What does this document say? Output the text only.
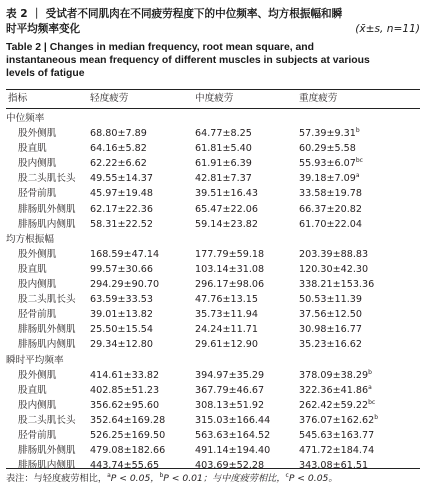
表 2 ｜ 受试者不同肌肉在不同疲劳程度下的中位频率、均方根振幅和瞬
时平均频率变化	(x̄±s, n=11)
Table 2 | Changes in median frequency, root mean square, and
instantaneous mean frequency of different muscles in subjects at various
levels of fatigue
指标	轻度疲劳	中度疲劳	重度疲劳
中位频率
股外侧肌	68.80±7.89	64.77±8.25	57.39±9.31$^b$
股直肌	64.16±5.82	61.81±5.40	60.29±5.58
股内侧肌	62.22±6.62	61.91±6.39	55.93±6.07$^{bc}$
股二头肌长头 49.55±14.37	42.81±7.37	39.18±7.09$^a$
胫骨前肌	45.97±19.48	39.51±16.43	33.58±19.78
腓肠肌外侧肌 62.17±22.36	65.47±22.06	66.37±20.82
腓肠肌内侧肌 58.31±22.52	59.14±23.82	61.70±22.04
均方根振幅
股外侧肌	168.59±47.14	177.79±59.18	203.39±88.83
股直肌	99.57±30.66	103.14±31.08	120.30±42.30
股内侧肌	294.29±90.70	296.17±98.06	338.21±153.36
股二头肌长头 63.59±33.53	47.76±13.15	50.53±11.39
胫骨前肌	39.01±13.82	35.73±11.94	37.56±12.50
腓肠肌外侧肌 25.50±15.54	24.24±11.71	30.98±16.77
腓肠肌内侧肌 29.34±12.80	29.61±12.90	35.23±16.62
瞬时平均频率
股外侧肌	414.61±33.82	394.97±35.29	378.09±38.29$^b$
股直肌	402.85±51.23	367.79±46.67	322.36±41.86$^a$
股内侧肌	356.62±95.60	308.13±51.92	262.42±59.22$^{bc}$
股二头肌长头 352.64±169.28	315.03±166.44	376.07±162.62$^b$
胫骨前肌	526.25±169.50	563.63±164.52	545.63±163.77
腓肠肌外侧肌 479.08±182.66	491.14±194.40	471.72±184.74
腓肠肌内侧肌 443.74±55.65	403.69±52.28	343.08±61.51
表注：与轻度疲劳相比，$^a$P < 0.05，$^b$P < 0.01；与中度疲劳相比，$^c$P < 0.05。
